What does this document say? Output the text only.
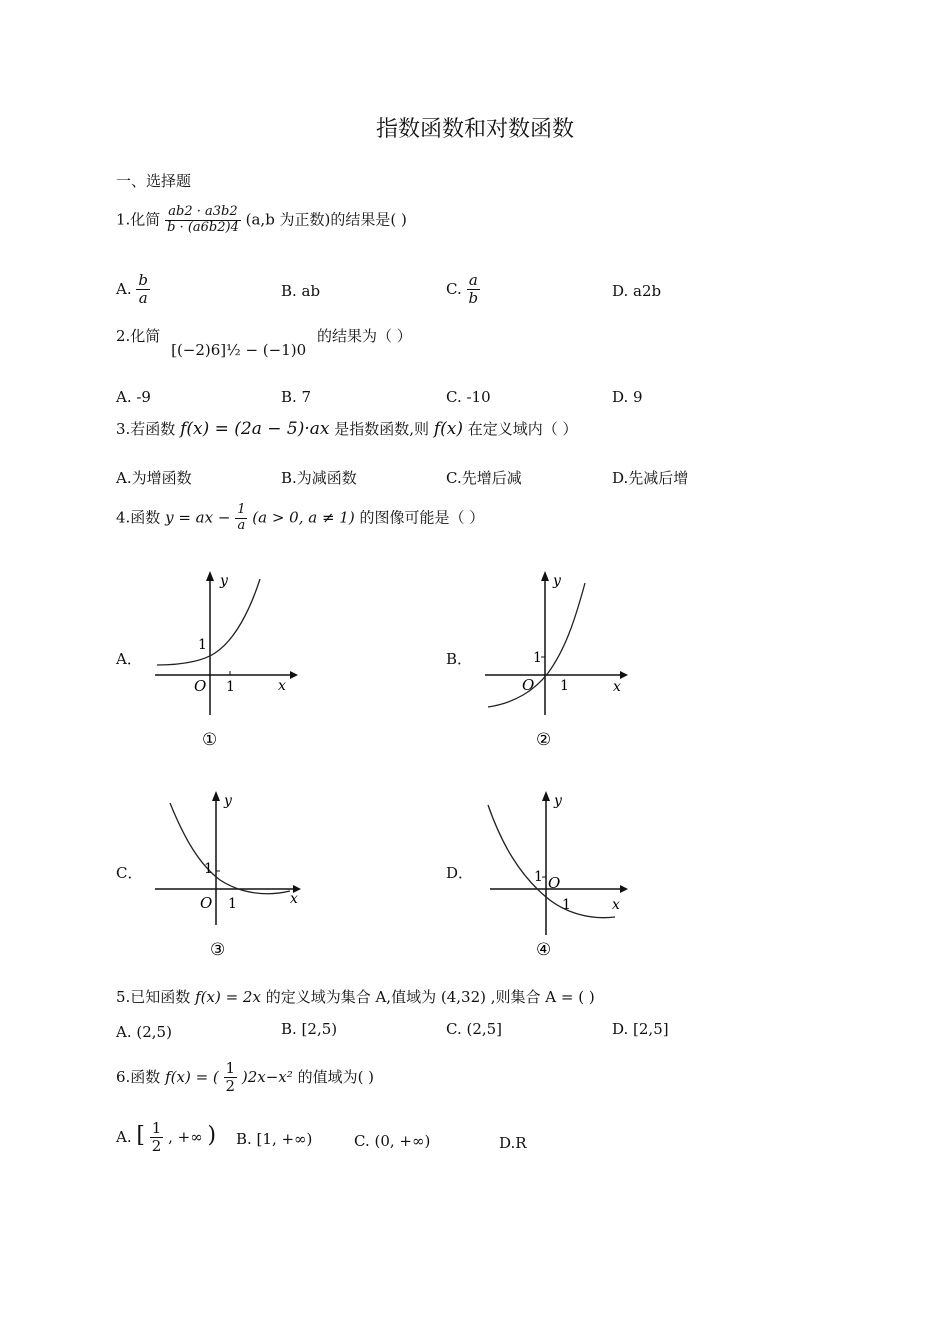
指数函数和对数函数
一、选择题
1.化简 $\frac{ab2 \cdot a3b2}{b \cdot (a6b2)4} (a,b$ 为正数)的结果是( )
A. $\frac{b}{a}$	B. ab	C. $\frac{a}{b}$	D. a2b
2.化简 [(−2)6]½ − (−1)0 的结果为（ ）
A. -9	B. 7	C. -10	D. 9
3.若函数 f(x) = (2a − 5)·ax 是指数函数,则 f(x) 在定义域内（ ）
A.为增函数	B.为减函数	C.先增后减	D.先减后增
4.函数 y = ax − $\frac{1}{a} (a > 0$, a ≠ 1) 的图像可能是（ ）
A．	B．
C．	D．
y
x
O 1
1
①
y
x
O 1
1
②
y
x
O 1
1
③
y
x
O
1
1
④
5.已知函数 f(x) = 2x 的定义域为集合 A,值域为 (4,32) ,则集合 A = ( )
A. (2,5)	B. [2,5)	C. (2,5]	D. [2,5]
6.函数 f(x) = ( $\frac{1}{2} )2x-x^2$ 的值域为( )
A. [ $\frac{1}{2}$ , +∞ ) B. [1, +∞)	C. (0, +∞)	D.R
